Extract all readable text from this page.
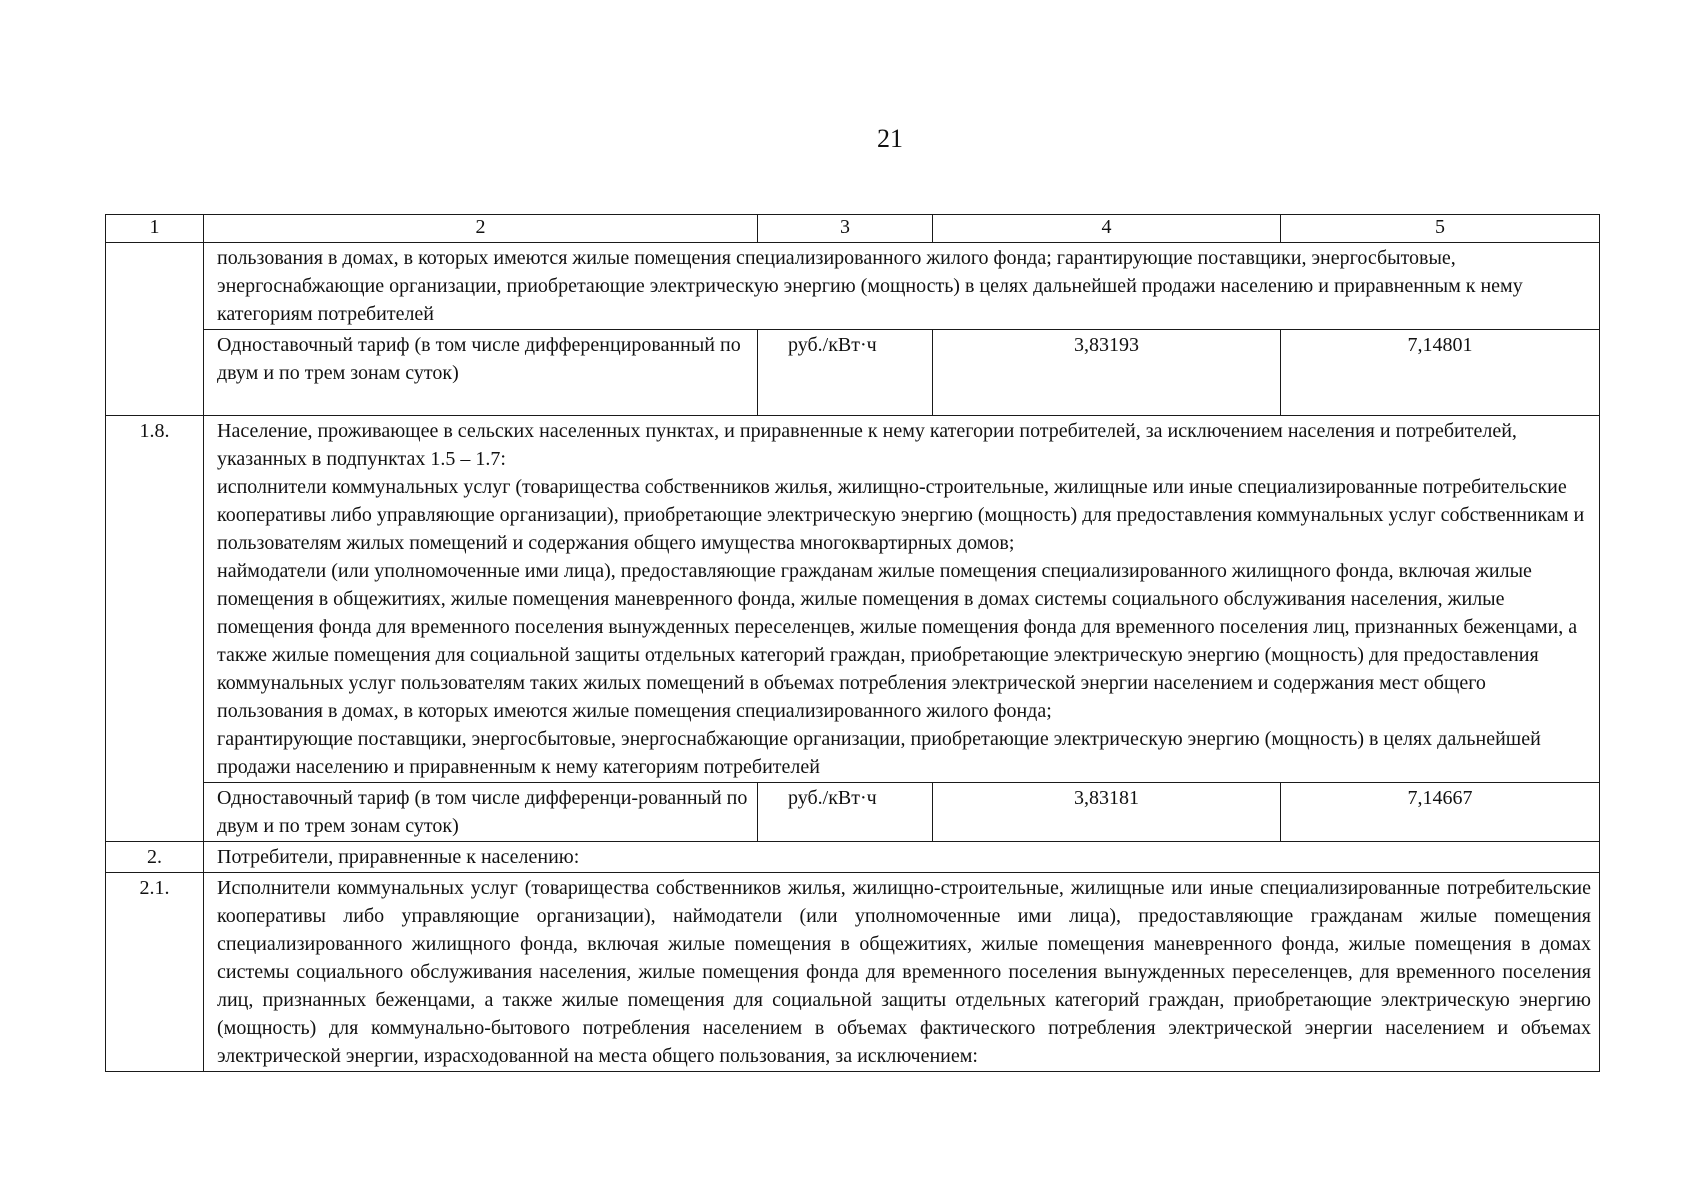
21
1	2	3	4	5
	пользования в домах, в которых имеются жилые помещения специализированного жилого фонда; гарантирующие поставщики, энергосбытовые, энергоснабжающие организации, приобретающие электрическую энергию (мощность) в целях дальнейшей продажи населению и приравненным к нему категориям потребителей			
	Одноставочный тариф (в том числе дифференцированный по двум и по трем зонам суток)	руб./кВт·ч	3,83193	7,14801
1.8.	Население, проживающее в сельских населенных пунктах, и приравненные к нему категории потребителей, за исключением населения и потребителей, указанных в подпунктах 1.5 – 1.7:
исполнители коммунальных услуг (товарищества собственников жилья, жилищно-строительные, жилищные или иные специализированные потребительские кооперативы либо управляющие организации), приобретающие электрическую энергию (мощность) для предоставления коммунальных услуг собственникам и пользователям жилых помещений и содержания общего имущества многоквартирных домов;
наймодатели (или уполномоченные ими лица), предоставляющие гражданам жилые помещения специализированного жилищного фонда, включая жилые помещения в общежитиях, жилые помещения маневренного фонда, жилые помещения в домах системы социального обслуживания населения, жилые помещения фонда для временного поселения вынужденных переселенцев, жилые помещения фонда для временного поселения лиц, признанных беженцами, а также жилые помещения для социальной защиты отдельных категорий граждан, приобретающие электрическую энергию (мощность) для предоставления коммунальных услуг пользователям таких жилых помещений в объемах потребления электрической энергии населением и содержания мест общего пользования в домах, в которых имеются жилые помещения специализированного жилого фонда;
гарантирующие поставщики, энергосбытовые, энергоснабжающие организации, приобретающие электрическую энергию (мощность) в целях дальнейшей продажи населению и приравненным к нему категориям потребителей			

	Одноставочный тариф (в том числе дифференци-рованный по двум и по трем зонам суток)	руб./кВт·ч	3,83181	7,14667
2.	Потребители, приравненные к населению:			
2.1.	Исполнители коммунальных услуг (товарищества собственников жилья, жилищно-строительные, жилищные или иные специализированные потребительские кооперативы либо управляющие организации), наймодатели (или уполномоченные ими лица), предоставляющие гражданам жилые помещения специализированного жилищного фонда, включая жилые помещения в общежитиях, жилые помещения маневренного фонда, жилые помещения в домах системы социального обслуживания населения, жилые помещения фонда для временного поселения вынужденных переселенцев, для временного поселения лиц, признанных беженцами, а также жилые помещения для социальной защиты отдельных категорий граждан, приобретающие электрическую энергию (мощность) для коммунально-бытового потребления населением в объемах фактического потребления электрической энергии населением и объемах электрической энергии, израсходованной на места общего пользования, за исключением:			
